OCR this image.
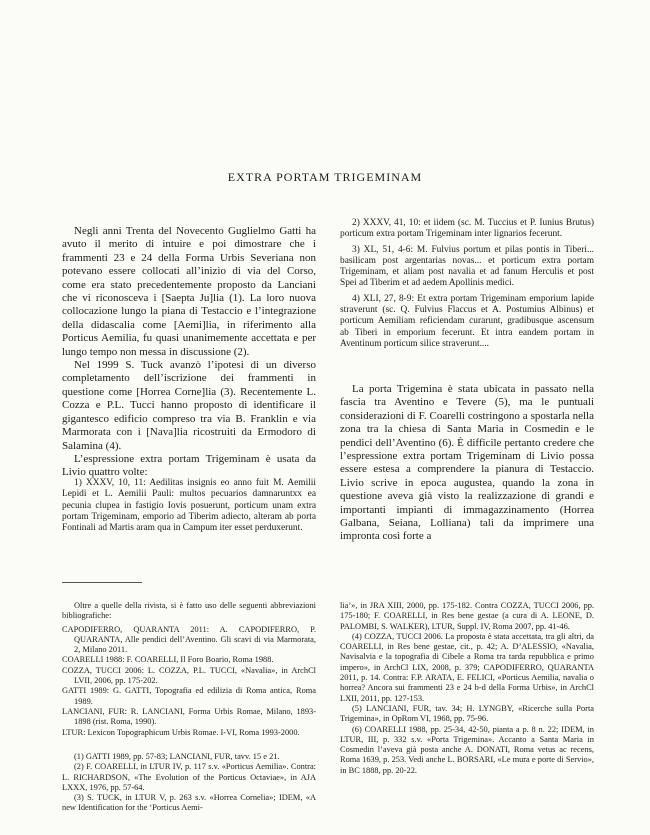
EXTRA PORTAM TRIGEMINAM

Negli anni Trenta del Novecento Guglielmo Gatti ha avuto il merito di intuire e poi dimostrare che i frammenti 23 e 24 della Forma Urbis Severiana non potevano essere collocati all’inizio di via del Corso, come era stato precedentemente proposto da Lanciani che vi riconosceva i [Saepta Ju]lia (1). La loro nuova collocazione lungo la piana di Testaccio e l’integrazione della didascalia come [Aemi]lia, in riferimento alla Porticus Aemilia, fu quasi unanimemente accettata e per lungo tempo non messa in discussione (2).

Nel 1999 S. Tuck avanzò l’ipotesi di un diverso completamento dell’iscrizione dei frammenti in questione come [Horrea Corne]lia (3). Recentemente L. Cozza e P.L. Tucci hanno proposto di identificare il gigantesco edificio compreso tra via B. Franklin e via Marmorata con i [Nava]lia ricostruiti da Ermodoro di Salamina (4).

L’espressione extra portam Trigeminam è usata da Livio quattro volte:

1) XXXV, 10, 11: Aedilitas insignis eo anno fuit M. Aemilii Lepidi et L. Aemilii Pauli: multos pecuarios damnaruntxx ea pecunia clupea in fastigio Iovis posuerunt, porticum unam extra portam Trigeminam, emporio ad Tiberim adiecto, alteram ab porta Fontinali ad Martis aram qua in Campum iter esset perduxerunt.

2) XXXV, 41, 10: et iidem (sc. M. Tuccius et P. Iunius Brutus) porticum extra portam Trigeminam inter lignarios fecerunt.

3) XL, 51, 4-6: M. Fulvius portum et pilas pontis in Tiberi... basilicam post argentarias novas... et porticum extra portam Trigeminam, et aliam post navalia et ad fanum Herculis et post Spei ad Tiberim et ad aedem Apollinis medici.

4) XLI, 27, 8-9: Et extra portam Trigeminam emporium lapide straverunt (sc. Q. Fulvius Flaccus et A. Postumius Albinus) et porticum Aemiliam reficiendam curarunt, gradibusque ascensum ab Tiberi in emporium fecerunt. Et intra eandem portam in Aventinum porticum silice straverunt....

La porta Trigemina è stata ubicata in passato nella fascia tra Aventino e Tevere (5), ma le puntuali considerazioni di F. Coarelli costringono a spostarla nella zona tra la chiesa di Santa Maria in Cosmedin e le pendici dell’Aventino (6). È difficile pertanto credere che l’espressione extra portam Trigeminam di Livio possa essere estesa a comprendere la pianura di Testaccio. Livio scrive in epoca augustea, quando la zona in questione aveva già visto la realizzazione di grandi e importanti impianti di immagazzinamento (Horrea Galbana, Seiana, Lolliana) tali da imprimere una impronta così forte a

Oltre a quelle della rivista, si è fatto uso delle seguenti abbreviazioni bibliografiche:

CAPODIFERRO, QUARANTA 2011: A. CAPODIFERRO, P. QUARANTA, Alle pendici dell’Aventino. Gli scavi di via Marmorata, 2, Milano 2011.

COARELLI 1988: F. COARELLI, Il Foro Boario, Roma 1988.

COZZA, TUCCI 2006: L. COZZA, P.L. TUCCI, «Navalia», in ArchCl LVII, 2006, pp. 175-202.

GATTI 1989: G. GATTI, Topografia ed edilizia di Roma antica, Roma 1989.

LANCIANI, FUR: R. LANCIANI, Forma Urbis Romae, Milano, 1893-1898 (rist. Roma, 1990).

LTUR: Lexicon Topographicum Urbis Romae. I-VI, Roma 1993-2000.

(1) GATTI 1989, pp. 57-83; LANCIANI, FUR, tavv. 15 e 21.

(2) F. COARELLI, in LTUR IV, p. 117 s.v. «Porticus Aemilia». Contra: L. RICHARDSON, «The Evolution of the Porticus Octaviae», in AJA LXXX, 1976, pp. 57-64.

(3) S. TUCK, in LTUR V, p. 263 s.v. «Horrea Cornelia»; IDEM, «A new Identification for the ‘Porticus Aemi-

lia’», in JRA XIII, 2000, pp. 175-182. Contra COZZA, TUCCI 2006, pp. 175-180; F. COARELLI, in Res bene gestae (a cura di A. LEONE, D. PALOMBI, S. WALKER), LTUR, Suppl. IV, Roma 2007, pp. 41-46.

(4) COZZA, TUCCI 2006. La proposta è stata accettata, tra gli altri, da COARELLI, in Res bene gestae, cit., p. 42; A. D’ALESSIO, «Navalia, Navisalvia e la topografia di Cibele a Roma tra tarda repubblica e primo impero», in ArchCl LIX, 2008, p. 379; CAPODIFERRO, QUARANTA 2011, p. 14. Contra: F.P. ARATA, E. FELICI, «Porticus Aemilia, navalia o horrea? Ancora sui frammenti 23 e 24 b-d della Forma Urbis», in ArchCl LXII, 2011, pp. 127-153.

(5) LANCIANI, FUR, tav. 34; H. LYNGBY, «Ricerche sulla Porta Trigemina», in OpRom VI, 1968, pp. 75-96.

(6) COARELLI 1988, pp. 25-34, 42-50, pianta a p. 8 n. 22; IDEM, in LTUR, III, p. 332 s.v. «Porta Trigemina». Accanto a Santa Maria in Cosmedin l’aveva già posta anche A. DONATI, Roma vetus ac recens, Roma 1639, p. 253. Vedi anche L. BORSARI, «Le mura e porte di Servio», in BC 1888, pp. 20-22.
